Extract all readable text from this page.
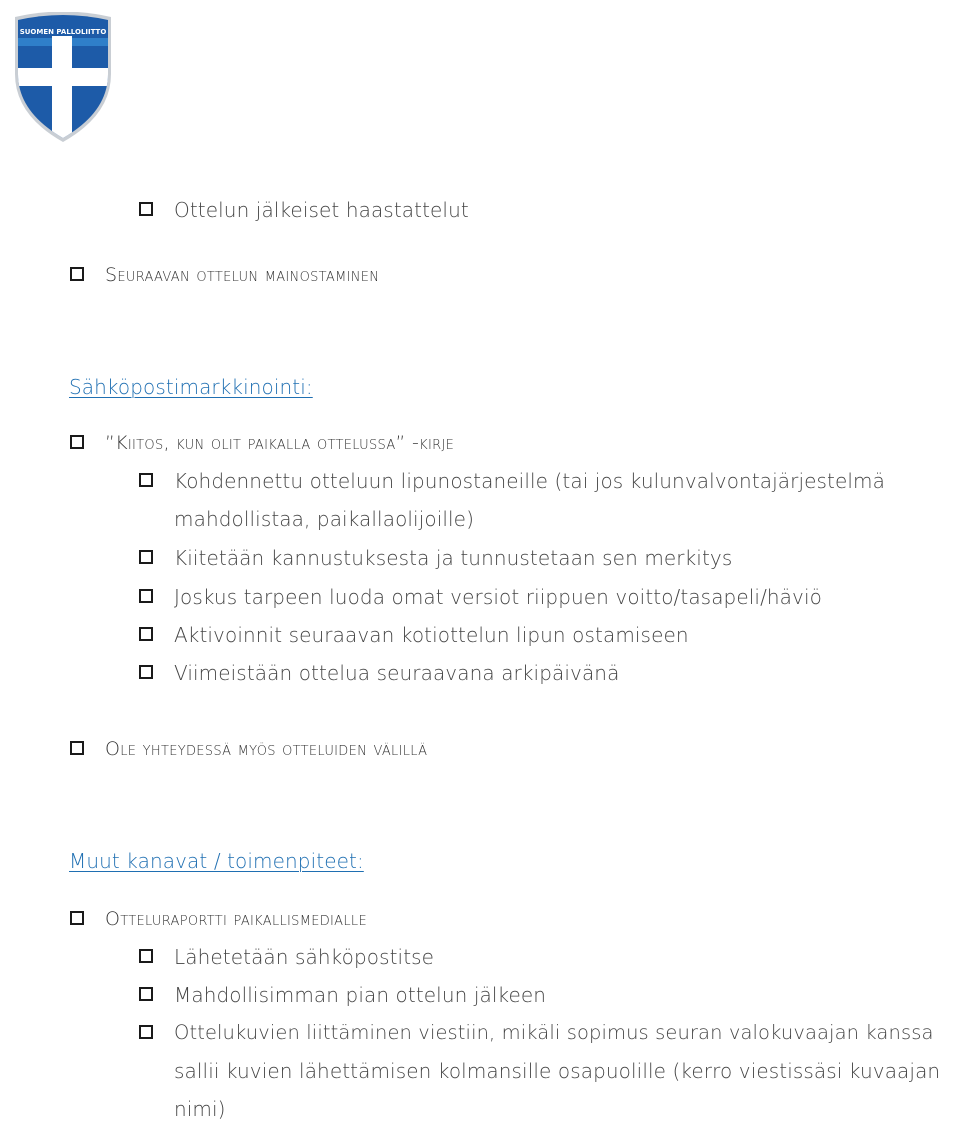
SUOMEN PALLOLIITTO
Ottelun jälkeiset haastattelut
Seuraavan ottelun mainostaminen
Sähköpostimarkkinointi:
”Kiitos, kun olit paikalla ottelussa” -kirje
Kohdennettu otteluun lipunostaneille (tai jos kulunvalvontajärjestelmä
mahdollistaa, paikallaolijoille)
Kiitetään kannustuksesta ja tunnustetaan sen merkitys
Joskus tarpeen luoda omat versiot riippuen voitto/tasapeli/häviö
Aktivoinnit seuraavan kotiottelun lipun ostamiseen
Viimeistään ottelua seuraavana arkipäivänä
Ole yhteydessä myös otteluiden välillä
Muut kanavat / toimenpiteet:
Otteluraportti paikallismedialle
Lähetetään sähköpostitse
Mahdollisimman pian ottelun jälkeen
Ottelukuvien liittäminen viestiin, mikäli sopimus seuran valokuvaajan kanssa
sallii kuvien lähettämisen kolmansille osapuolille (kerro viestissäsi kuvaajan
nimi)
